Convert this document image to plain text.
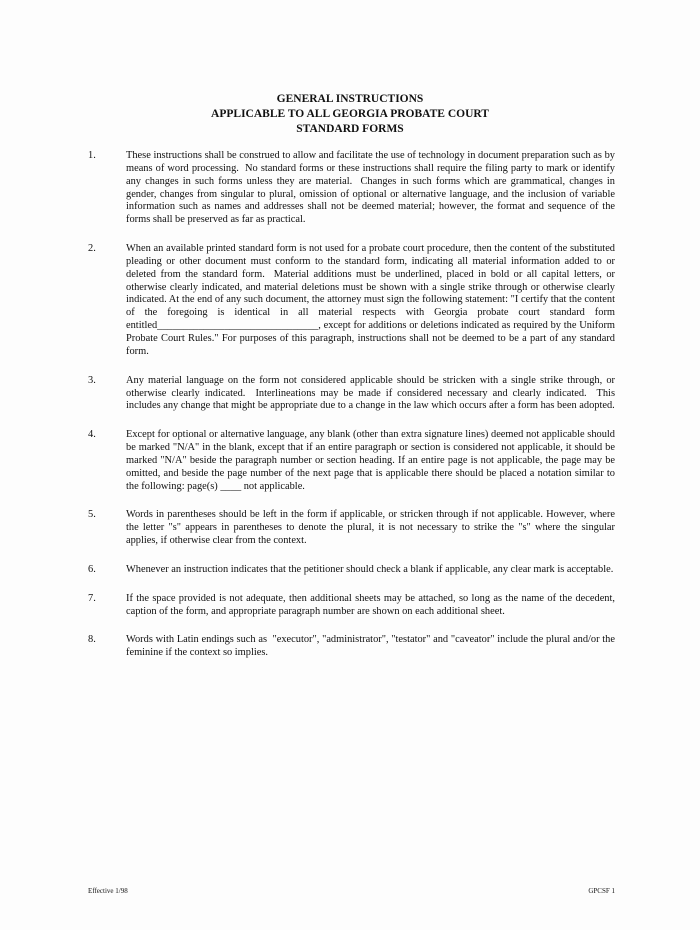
GENERAL INSTRUCTIONS
APPLICABLE TO ALL GEORGIA PROBATE COURT
STANDARD FORMS
1.	These instructions shall be construed to allow and facilitate the use of technology in document preparation such as by means of word processing.  No standard forms or these instructions shall require the filing party to mark or identify any changes in such forms unless they are material.  Changes in such forms which are grammatical, changes in gender, changes from singular to plural, omission of optional or alternative language, and the inclusion of variable information such as names and addresses shall not be deemed material; however, the format and sequence of the forms shall be preserved as far as practical.
2.	When an available printed standard form is not used for a probate court procedure, then the content of the substituted pleading or other document must conform to the standard form, indicating all material information added to or deleted from the standard form.  Material additions must be underlined, placed in bold or all capital letters, or otherwise clearly indicated, and material deletions must be shown with a single strike through or otherwise clearly indicated. At the end of any such document, the attorney must sign the following statement: "I certify that the content of the foregoing is identical in all material respects with Georgia probate court standard form entitled_______________________________, except for additions or deletions indicated as required by the Uniform Probate Court Rules." For purposes of this paragraph, instructions shall not be deemed to be a part of any standard form.
3.	Any material language on the form not considered applicable should be stricken with a single strike through, or otherwise clearly indicated.  Interlineations may be made if considered necessary and clearly indicated.  This includes any change that might be appropriate due to a change in the law which occurs after a form has been adopted.
4.	Except for optional or alternative language, any blank (other than extra signature lines) deemed not applicable should be marked "N/A" in the blank, except that if an entire paragraph or section is considered not applicable, it should be marked "N/A" beside the paragraph number or section heading. If an entire page is not applicable, the page may be omitted, and beside the page number of the next page that is applicable there should be placed a notation similar to the following: page(s) ____ not applicable.
5.	Words in parentheses should be left in the form if applicable, or stricken through if not applicable. However, where the letter "s" appears in parentheses to denote the plural, it is not necessary to strike the "s" where the singular applies, if otherwise clear from the context.
6.	Whenever an instruction indicates that the petitioner should check a blank if applicable, any clear mark is acceptable.
7.	If the space provided is not adequate, then additional sheets may be attached, so long as the name of the decedent, caption of the form, and appropriate paragraph number are shown on each additional sheet.
8.	Words with Latin endings such as  "executor", "administrator", "testator" and "caveator" include the plural and/or the feminine if the context so implies.
Effective 1/98	GPCSF 1
